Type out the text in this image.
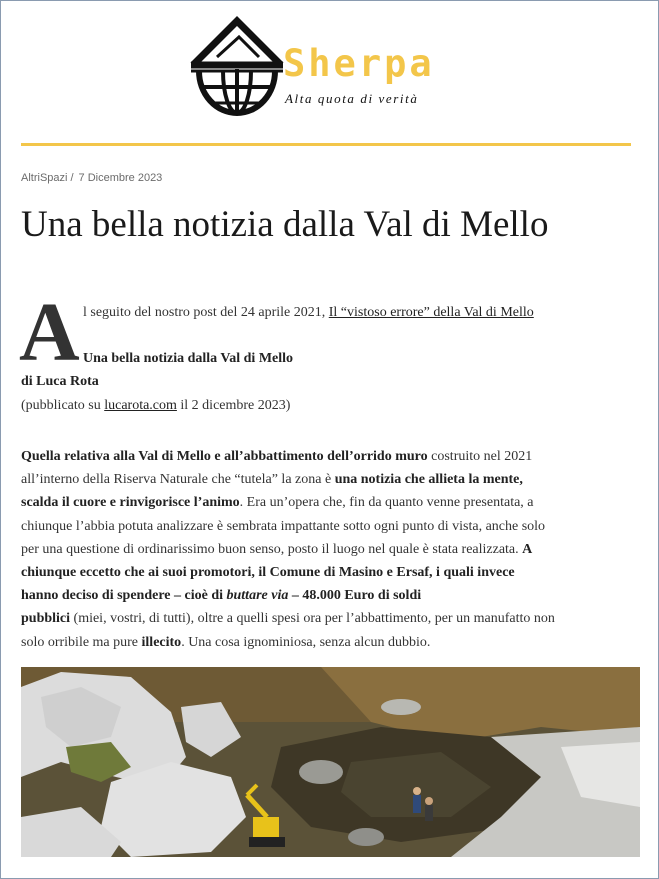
Sherpa
Alta quota di verità
AltriSpazi / 7 Dicembre 2023
Una bella notizia dalla Val di Mello
A l seguito del nostro post del 24 aprile 2021, Il “vistoso errore” della Val di Mello
Una bella notizia dalla Val di Mello
di Luca Rota
(pubblicato su lucarota.com il 2 dicembre 2023)
Quella relativa alla Val di Mello e all’abbattimento dell’orrido muro costruito nel 2021
all’interno della Riserva Naturale che “tutela” la zona è una notizia che allieta la mente,
scalda il cuore e rinvigorisce l’animo. Era un’opera che, fin da quanto venne presentata, a
chiunque l’abbia potuta analizzare è sembrata impattante sotto ogni punto di vista, anche solo
per una questione di ordinarissimo buon senso, posto il luogo nel quale è stata realizzata. A
chiunque eccetto che ai suoi promotori, il Comune di Masino e Ersaf, i quali invece
hanno deciso di spendere – cioè di buttare via – 48.000 Euro di soldi
pubblici (miei, vostri, di tutti), oltre a quelli spesi ora per l’abbattimento, per un manufatto non
solo orribile ma pure illecito. Una cosa ignominiosa, senza alcun dubbio.
